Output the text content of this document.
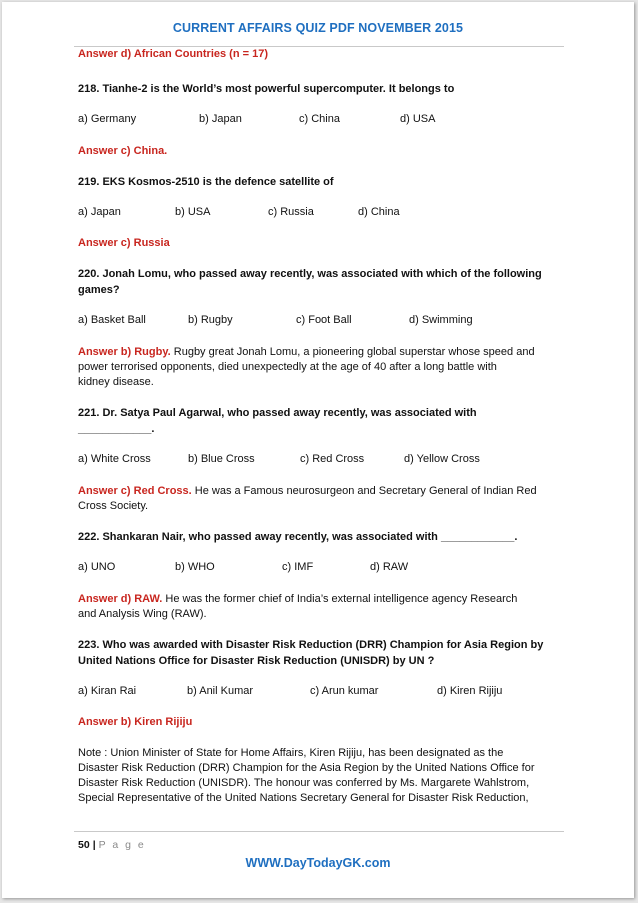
CURRENT AFFAIRS QUIZ PDF NOVEMBER 2015
Answer d) African Countries (n = 17)
218. Tianhe-2 is the World’s most powerful supercomputer. It belongs to
a) Germany	b) Japan	c) China	d) USA
Answer c) China.
219. EKS Kosmos-2510 is the defence satellite of
a) Japan	b) USA	c) Russia	d) China
Answer c) Russia
220. Jonah Lomu, who passed away recently, was associated with which of the following
games?
a) Basket Ball	b) Rugby	c) Foot Ball	d) Swimming
Answer b) Rugby. Rugby great Jonah Lomu, a pioneering global superstar whose speed and
power terrorised opponents, died unexpectedly at the age of 40 after a long battle with
kidney disease.
221. Dr. Satya Paul Agarwal, who passed away recently, was associated with
____________.
a) White Cross	b) Blue Cross	c) Red Cross	d) Yellow Cross
Answer c) Red Cross. He was a Famous neurosurgeon and Secretary General of Indian Red
Cross Society.
222. Shankaran Nair, who passed away recently, was associated with ____________.
a) UNO	b) WHO	c) IMF	d) RAW
Answer d) RAW. He was the former chief of India’s external intelligence agency Research
and Analysis Wing (RAW).
223. Who was awarded with Disaster Risk Reduction (DRR) Champion for Asia Region by
United Nations Office for Disaster Risk Reduction (UNISDR) by UN ?
a) Kiran Rai	b) Anil Kumar	c) Arun kumar	d) Kiren Rijiju
Answer b) Kiren Rijiju
Note : Union Minister of State for Home Affairs, Kiren Rijiju, has been designated as the
Disaster Risk Reduction (DRR) Champion for the Asia Region by the United Nations Office for
Disaster Risk Reduction (UNISDR). The honour was conferred by Ms. Margarete Wahlstrom,
Special Representative of the United Nations Secretary General for Disaster Risk Reduction,
50 | P a g e
WWW.DayTodayGK.com
